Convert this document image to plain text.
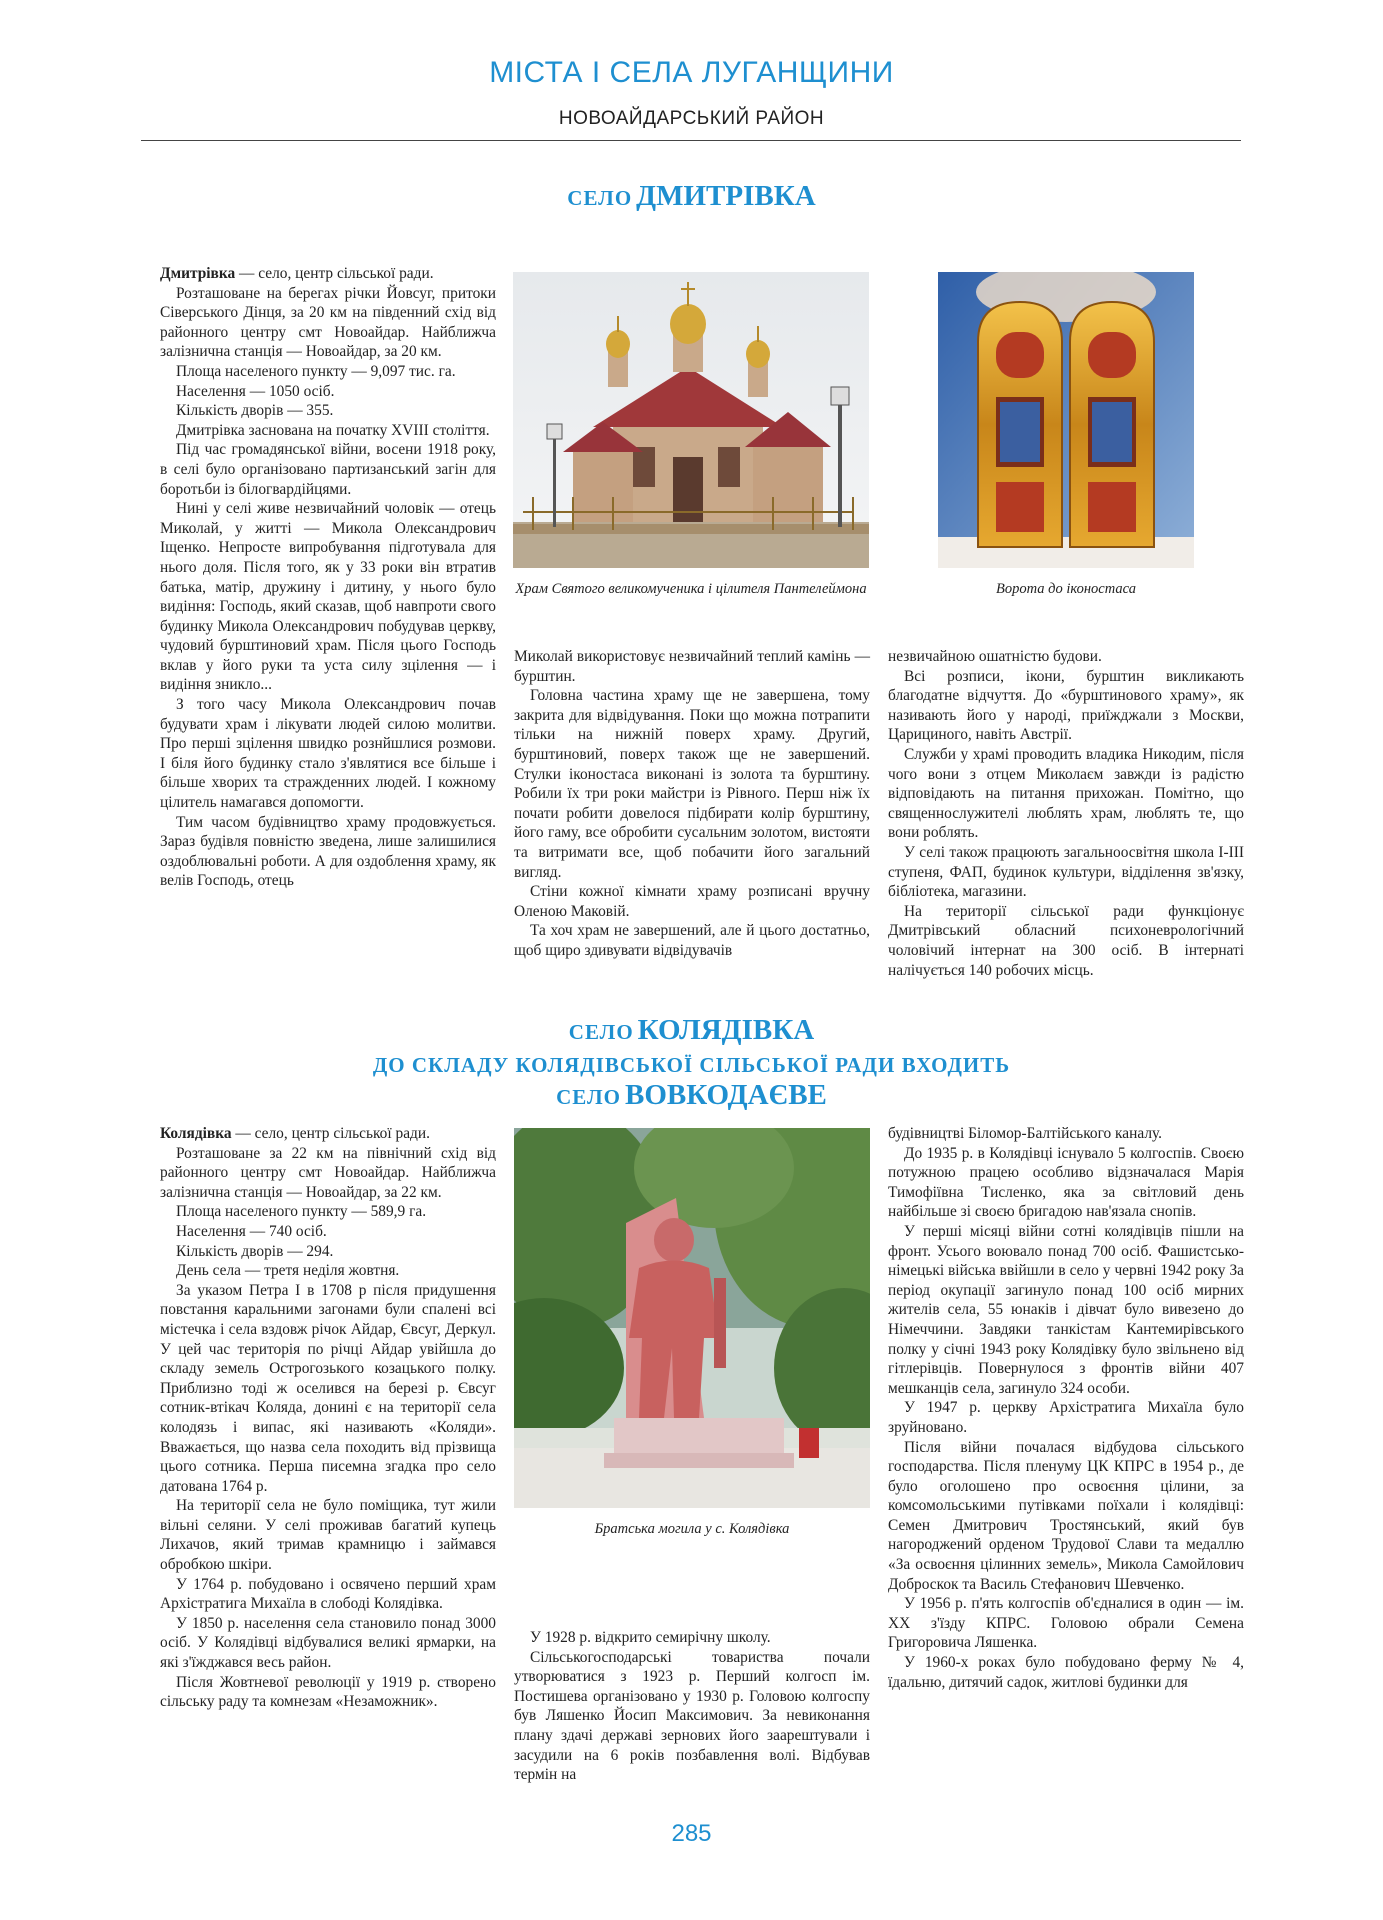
МІСТА І СЕЛА ЛУГАНЩИНИ
НОВОАЙДАРСЬКИЙ РАЙОН
СЕЛО ДМИТРІВКА

Дмитрівка — село, центр сільської ради.

Розташоване на берегах річки Йовсуг, притоки Сіверського Дінця, за 20 км на південний схід від районного центру смт Новоайдар. Найближча залізнична станція — Новоайдар, за 20 км.

Площа населеного пункту — 9,097 тис. га.

Населення — 1050 осіб.

Кількість дворів — 355.

Дмитрівка заснована на початку XVIII століття.

Під час громадянської війни, восени 1918 року, в селі було організовано партизанський загін для боротьби із білогвардійцями.

Нині у селі живе незвичайний чоловік — отець Миколай, у житті — Микола Олександрович Іщенко. Непросте випробування підготувала для нього доля. Після того, як у 33 роки він втратив батька, матір, дружину і дитину, у нього було видіння: Господь, який сказав, щоб навпроти свого будинку Микола Олександрович побудував церкву, чудовий бурштиновий храм. Після цього Господь вклав у його руки та уста силу зцілення — і видіння зникло...

З того часу Микола Олександрович почав будувати храм і лікувати людей силою молитви. Про перші зцілення швидко рознйшлися розмови. І біля його будинку стало з'являтися все більше і більше хворих та стражденних людей. І кожному цілитель намагався допомогти.

Тим часом будівництво храму продовжується. Зараз будівля повністю зведена, лише залишилися оздоблювальні роботи. А для оздоблення храму, як велів Господь, отець

Храм Святого великомученика і цілителя Пантелеймона	Ворота до іконостаса

Миколай використовує незвичайний теплий камінь — бурштин.

Головна частина храму ще не завершена, тому закрита для відвідування. Поки що можна потрапити тільки на нижній поверх храму. Другий, бурштиновий, поверх також ще не завершений. Стулки іконостаса виконані із золота та бурштину. Робили їх три роки майстри із Рівного. Перш ніж їх почати робити довелося підбирати колір бурштину, його гаму, все обробити сусальним золотом, вистояти та витримати все, щоб побачити його загальний вигляд.

Стіни кожної кімнати храму розписані вручну Оленою Маковій.

Та хоч храм не завершений, але й цього достатньо, щоб щиро здивувати відвідувачів

незвичайною ошатністю будови.

Всі розписи, ікони, бурштин викликають благодатне відчуття. До «бурштинового храму», як називають його у народі, приїжджали з Москви, Царициного, навіть Австрії.

Служби у храмі проводить владика Никодим, після чого вони з отцем Миколаєм завжди із радістю відповідають на питання прихожан. Помітно, що священнослужителі люблять храм, люблять те, що вони роблять.

У селі також працюють загальноосвітня школа І-ІІІ ступеня, ФАП, будинок культури, відділення зв'язку, бібліотека, магазини.

На території сільської ради функціонує Дмитрівський обласний психоневрологічний чоловічий інтернат на 300 осіб. В інтернаті налічується 140 робочих місць.

СЕЛО КОЛЯДІВКА
ДО СКЛАДУ КОЛЯДІВСЬКОЇ СІЛЬСЬКОЇ РАДИ ВХОДИТЬ
СЕЛО ВОВКОДАЄВЕ

Колядівка — село, центр сільської ради.

Розташоване за 22 км на північний схід від районного центру смт Новоайдар. Найближча залізнична станція — Новоайдар, за 22 км.

Площа населеного пункту — 589,9 га.

Населення — 740 осіб.

Кількість дворів — 294.

День села — третя неділя жовтня.

За указом Петра І в 1708 р після придушення повстання каральними загонами були спалені всі містечка і села вздовж річок Айдар, Євсуг, Деркул. У цей час територія по річці Айдар увійшла до складу земель Острогозького козацького полку. Приблизно тоді ж оселився на березі р. Євсуг сотник-втікач Коляда, донині є на території села колодязь і випас, які називають «Коляди». Вважається, що назва села походить від прізвища цього сотника. Перша писемна згадка про село датована 1764 р.

На території села не було поміщика, тут жили вільні селяни. У селі проживав багатий купець Лихачов, який тримав крамницю і займався обробкою шкіри.

У 1764 р. побудовано і освячено перший храм Архістратига Михаїла в слободі Колядівка.

У 1850 р. населення села становило понад 3000 осіб. У Колядівці відбувалися великі ярмарки, на які з'їжджався весь район.

Після Жовтневої революції у 1919 р. створено сільську раду та комнезам «Незаможник».

Братська могила у с. Колядівка

У 1928 р. відкрито семирічну школу.

Сільськогосподарські товариства почали утворюватися з 1923 р. Перший колгосп ім. Постишева організовано у 1930 р. Головою колгоспу був Ляшенко Йосип Максимович. За невиконання плану здачі державі зернових його заарештували і засудили на 6 років позбавлення волі. Відбував термін на

будівництві Біломор-Балтійського каналу.

До 1935 р. в Колядівці існувало 5 колгоспів. Своєю потужною працею особливо відзначалася Марія Тимофіївна Тисленко, яка за світловий день найбільше зі своєю бригадою нав'язала снопів.

У перші місяці війни сотні колядівців пішли на фронт. Усього воювало понад 700 осіб. Фашистсько-німецькі війська ввійшли в село у червні 1942 року За період окупації загинуло понад 100 осіб мирних жителів села, 55 юнаків і дівчат було вивезено до Німеччини. Завдяки танкістам Кантемирівського полку у січні 1943 року Колядівку було звільнено від гітлерівців. Повернулося з фронтів війни 407 мешканців села, загинуло 324 особи.

У 1947 р. церкву Архістратига Михаїла було зруйновано.

Після війни почалася відбудова сільського господарства. Після пленуму ЦК КПРС в 1954 р., де було оголошено про освоєння цілини, за комсомольськими путівками поїхали і колядівці: Семен Дмитрович Тростянський, який був нагороджений орденом Трудової Слави та медаллю «За освоєння цілинних земель», Микола Самойлович Доброскок та Василь Стефанович Шевченко.

У 1956 р. п'ять колгоспів об'єдналися в один — ім. XX з'їзду КПРС. Головою обрали Семена Григоровича Ляшенка.

У 1960-х роках було побудовано ферму № 4, їдальню, дитячий садок, житлові будинки для

285
